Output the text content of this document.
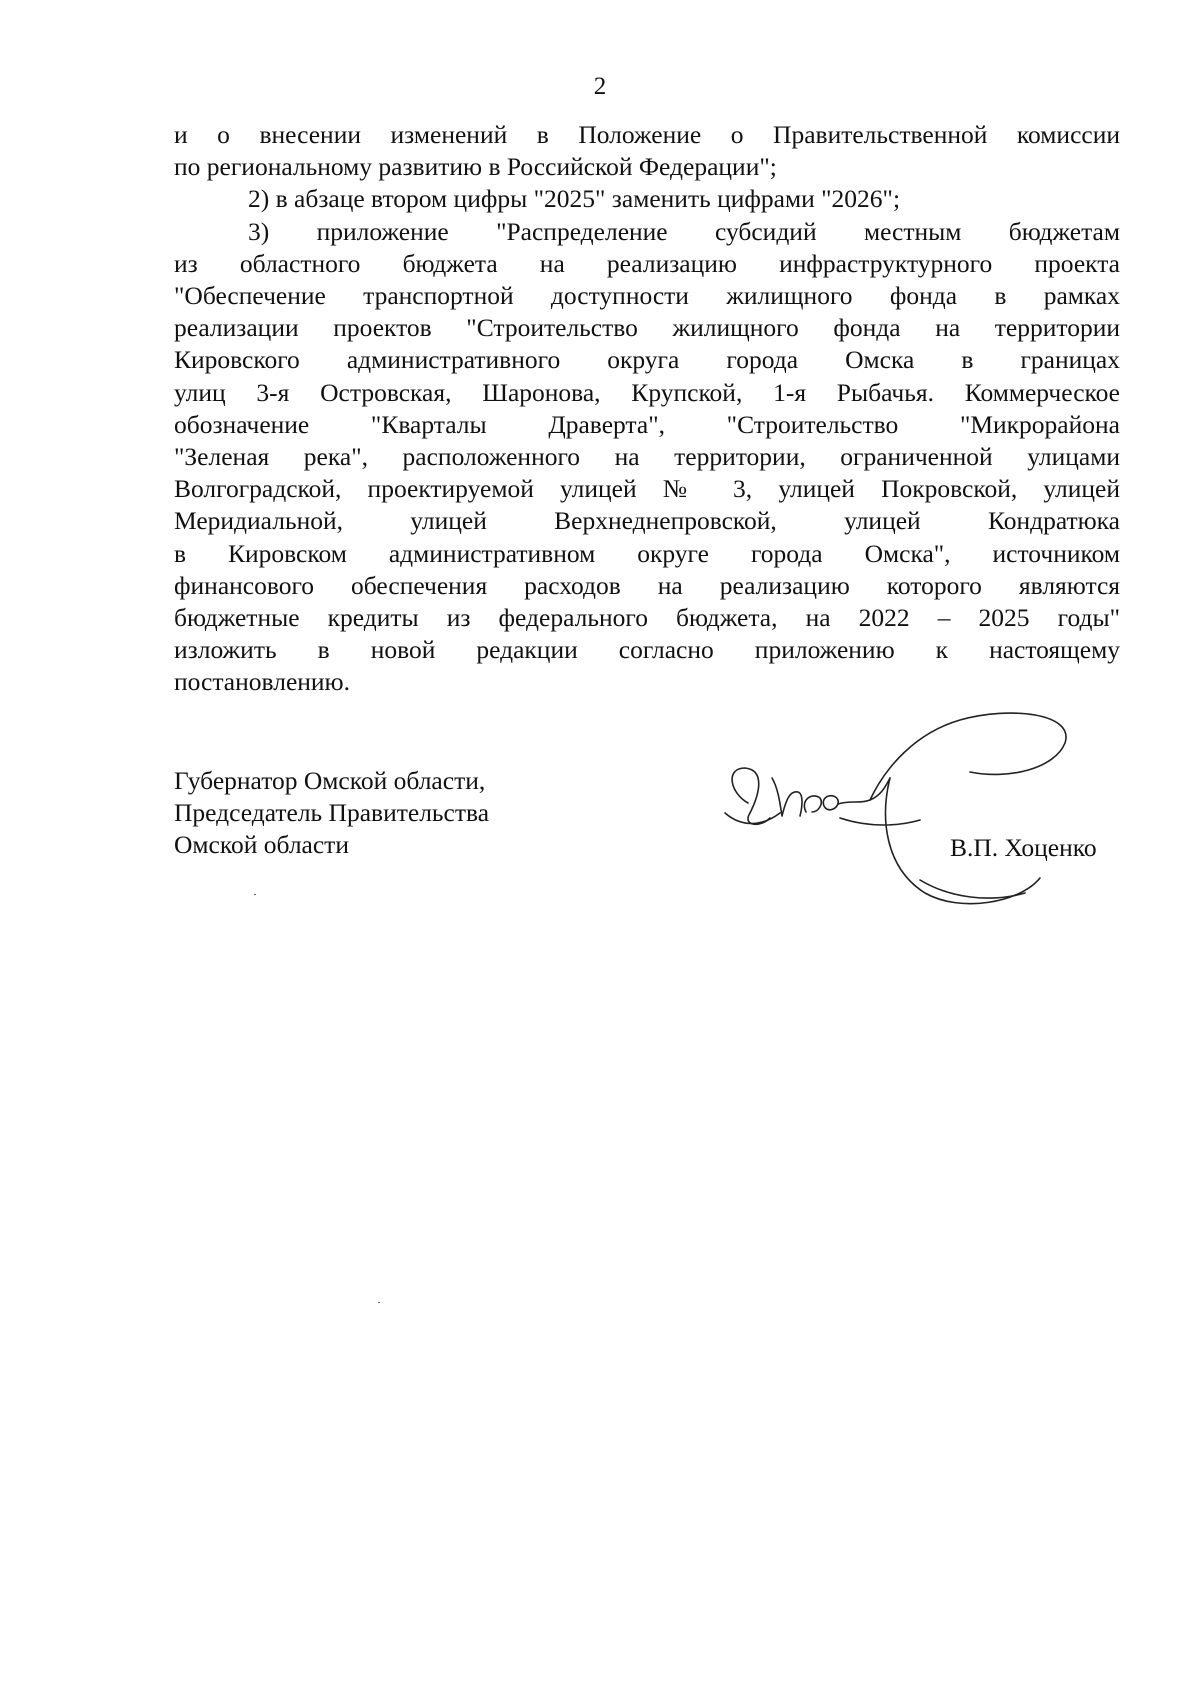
2
и о внесении изменений в Положение о Правительственной комиссии
по региональному развитию в Российской Федерации";
2) в абзаце втором цифры "2025" заменить цифрами "2026";
3) приложение "Распределение субсидий местным бюджетам
из областного бюджета на реализацию инфраструктурного проекта
"Обеспечение транспортной доступности жилищного фонда в рамках
реализации проектов "Строительство жилищного фонда на территории
Кировского административного округа города Омска в границах
улиц 3-я Островская, Шаронова, Крупской, 1-я Рыбачья. Коммерческое
обозначение "Кварталы Драверта", "Строительство "Микрорайона
"Зеленая река", расположенного на территории, ограниченной улицами
Волгоградской, проектируемой улицей № 3, улицей Покровской, улицей
Меридиальной, улицей Верхнеднепровской, улицей Кондратюка
в Кировском административном округе города Омска", источником
финансового обеспечения расходов на реализацию которого являются
бюджетные кредиты из федерального бюджета, на 2022 – 2025 годы"
изложить в новой редакции согласно приложению к настоящему
постановлению.
Губернатор Омской области,
Председатель Правительства
Омской области	В.П. Хоценко
